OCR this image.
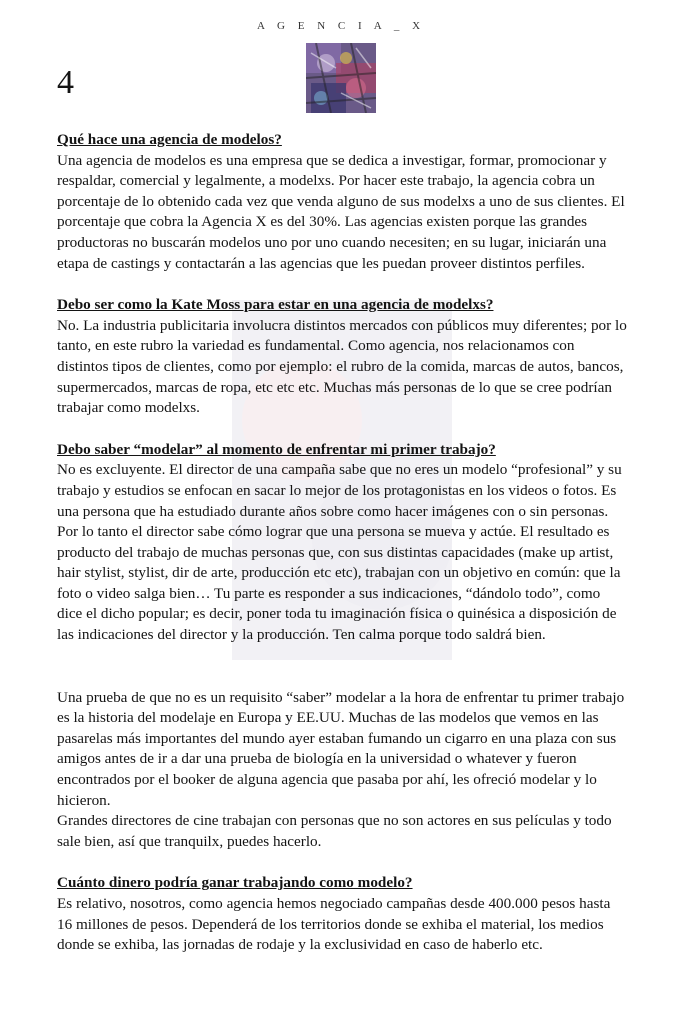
A G E N C I A _ X
4
Qué hace una agencia de modelos?

Una agencia de modelos es una empresa que se dedica a investigar, formar, promocionar y respaldar, comercial y legalmente, a modelxs. Por hacer este trabajo, la agencia cobra un porcentaje de lo obtenido cada vez que venda alguno de sus modelxs a uno de sus clientes. El porcentaje que cobra la Agencia X es del 30%. Las agencias existen porque las grandes productoras no buscarán modelos uno por uno cuando necesiten; en su lugar, iniciarán una etapa de castings y contactarán a las agencias que les puedan proveer distintos perfiles.

Debo ser como la Kate Moss para estar en una agencia de modelxs?

No. La industria publicitaria involucra distintos mercados con públicos muy diferentes; por lo tanto, en este rubro la variedad es fundamental. Como agencia, nos relacionamos con distintos tipos de clientes, como por ejemplo: el rubro de la comida, marcas de autos, bancos, supermercados, marcas de ropa, etc etc etc. Muchas más personas de lo que se cree podrían trabajar como modelxs.

Debo saber “modelar” al momento de enfrentar mi primer trabajo?

No es excluyente. El director de una campaña sabe que no eres un modelo “profesional” y su trabajo y estudios se enfocan en sacar lo mejor de los protagonistas en los videos o fotos. Es una persona que ha estudiado durante años sobre como hacer imágenes con o sin personas. Por lo tanto el director sabe cómo lograr que una persona se mueva y actúe. El resultado es producto del trabajo de muchas personas que, con sus distintas capacidades (make up artist, hair stylist, stylist, dir de arte, producción etc etc), trabajan con un objetivo en común: que la foto o video salga bien… Tu parte es responder a sus indicaciones, “dándolo todo”, como dice el dicho popular; es decir, poner toda tu imaginación física o quinésica a disposición de las indicaciones del director y la producción. Ten calma porque todo saldrá bien.

Una prueba de que no es un requisito “saber” modelar a la hora de enfrentar tu primer trabajo es la historia del modelaje en Europa y EE.UU. Muchas de las modelos que vemos en las pasarelas más importantes del mundo ayer estaban fumando un cigarro en una plaza con sus amigos antes de ir a dar una prueba de biología en la universidad o whatever y fueron encontrados por el booker de alguna agencia que pasaba por ahí, les ofreció modelar y lo hicieron.

Grandes directores de cine trabajan con personas que no son actores en sus películas y todo sale bien, así que tranquilx, puedes hacerlo.

Cuánto dinero podría ganar trabajando como modelo?

Es relativo, nosotros, como agencia hemos negociado campañas desde 400.000 pesos hasta 16 millones de pesos. Dependerá de los territorios donde se exhiba el material, los medios donde se exhiba, las jornadas de rodaje y la exclusividad en caso de haberlo etc.
